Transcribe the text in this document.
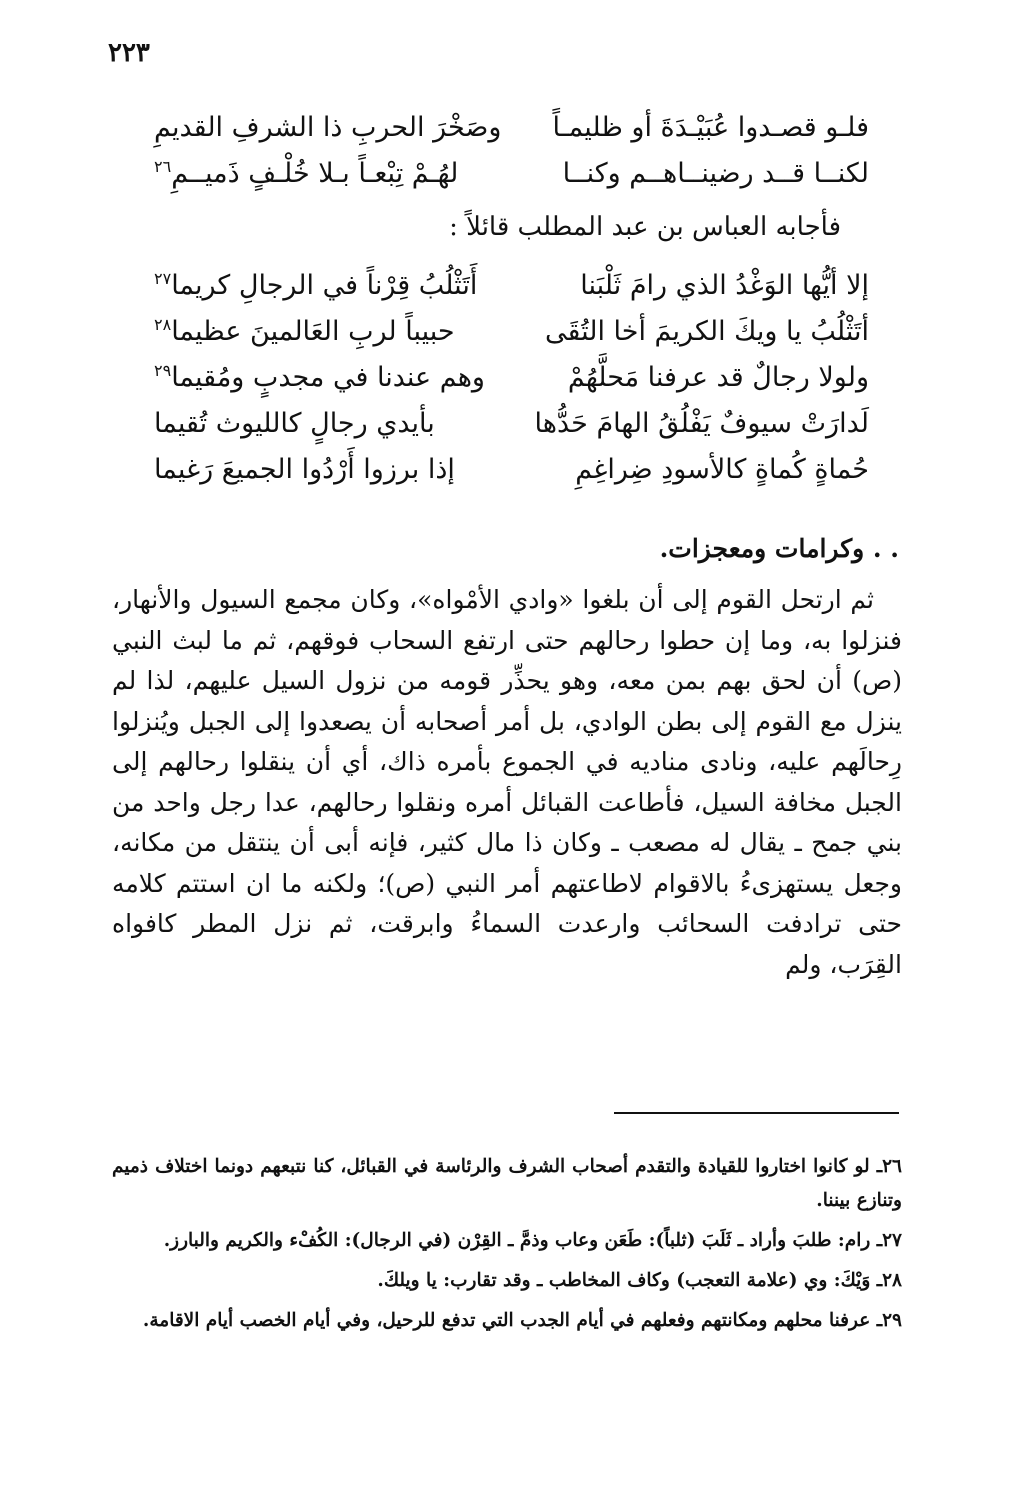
٢٢٣
فلـو قصـدوا عُبَيْـدَةَ أو ظليمـاً
وصَخْرَ الحربِ ذا الشرفِ القديمِ
لكنــا قــد رضينــاهــم وكنــا
لهُـمْ تِبْعـاً بـلا خُلْـفٍ ذَميــمِ$^{٢٦}$
فأجابه العباس بن عبد المطلب قائلاً :
إلا أيُّها الوَغْدُ الذي رامَ ثَلْبَنا
أَتَثْلُبُ قِرْناً في الرجالِ كريما$^{٢٧}$
أتَثْلُبُ يا ويكَ الكريمَ أخا التُقَى
حبيباً لربِ العَالمينَ عظيما$^{٢٨}$
ولولا رجالٌ قد عرفنا مَحلَّهُمْ
وهم عندنا في مجدبٍ ومُقيما$^{٢٩}$
لَدارَتْ سيوفٌ يَفْلُقُ الهامَ حَدُّها
بأيدي رجالٍ كالليوث تُقيما
حُماةٍ كُماةٍ كالأسودِ ضِراغِمِ
إذا برزوا أَرْدُوا الجميعَ رَغيما
. . وكرامات ومعجزات.

ثم ارتحل القوم إلى أن بلغوا «وادي الأمْواه»، وكان مجمع السيول والأنهار، فنزلوا به، وما إن حطوا رحالهم حتى ارتفع السحاب فوقهم، ثم ما لبث النبي (ص) أن لحق بهم بمن معه، وهو يحذِّر قومه من نزول السيل عليهم، لذا لم ينزل مع القوم إلى بطن الوادي، بل أمر أصحابه أن يصعدوا إلى الجبل ويُنزلوا رِحالَهم عليه، ونادى مناديه في الجموع بأمره ذاك، أي أن ينقلوا رحالهم إلى الجبل مخافة السيل، فأطاعت القبائل أمره ونقلوا رحالهم، عدا رجل واحد من بني جمح ـ يقال له مصعب ـ وكان ذا مال كثير، فإنه أبى أن ينتقل من مكانه، وجعل يستهزىءُ بالاقوام لاطاعتهم أمر النبي (ص)؛ ولكنه ما ان استتم كلامه حتى ترادفت السحائب وارعدت السماءُ وابرقت، ثم نزل المطر كافواه القِرَب، ولم

٢٦ـ لو كانوا اختاروا للقيادة والتقدم أصحاب الشرف والرئاسة في القبائل، كنا نتبعهم دونما اختلاف ذميم وتنازع بيننا.

٢٧ـ رام: طلبَ وأراد ـ ثَلَبَ (ثلباً): طَعَن وعاب وذمَّ ـ القِرْن (في الرجال): الكُفْء والكريم والبارز.

٢٨ـ وَيْكَ: وي (علامة التعجب) وكاف المخاطب ـ وقد تقارب: يا ويلكَ.

٢٩ـ عرفنا محلهم ومكانتهم وفعلهم في أيام الجدب التي تدفع للرحيل، وفي أيام الخصب أيام الاقامة.
